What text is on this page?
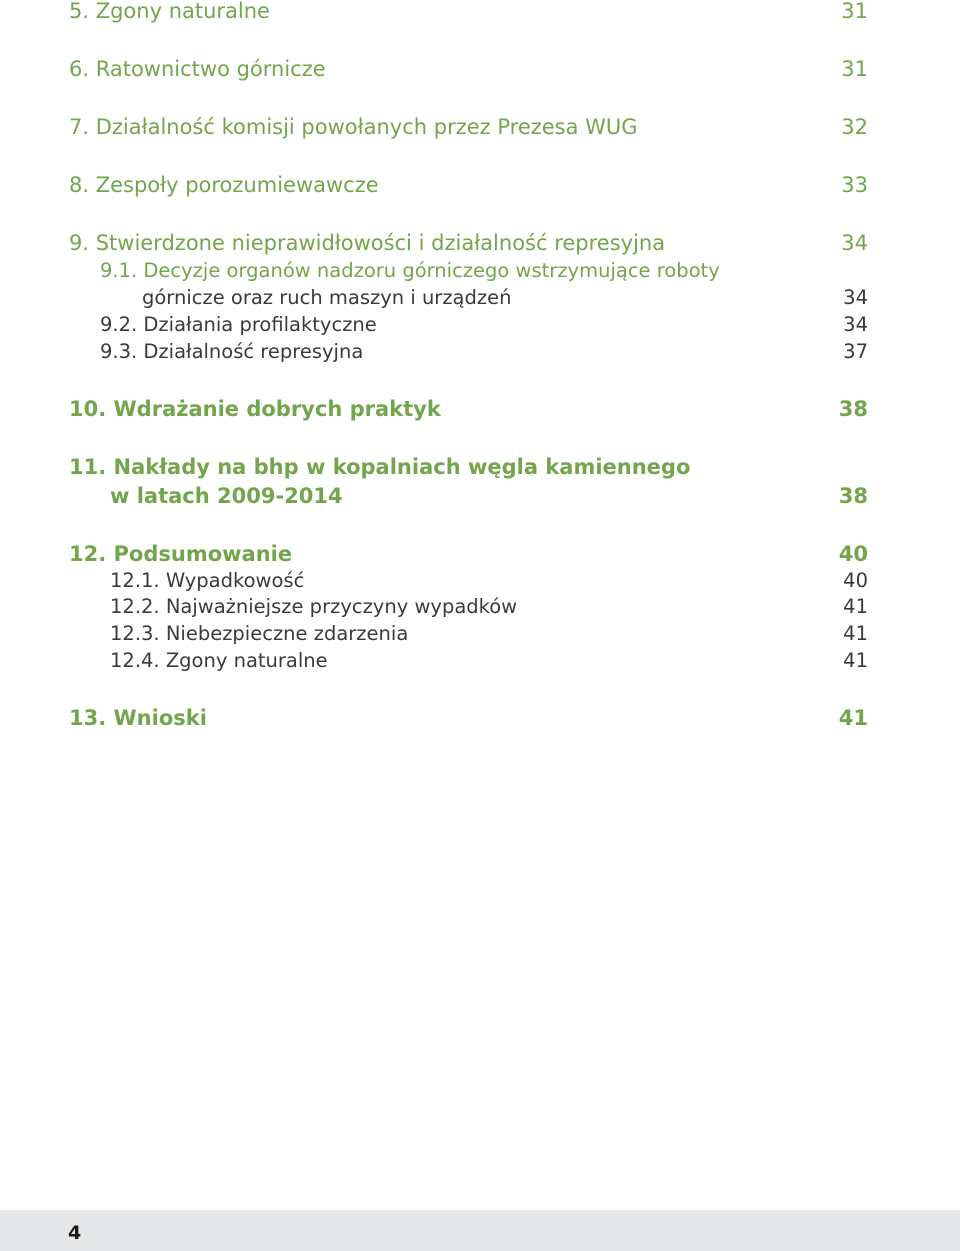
5. Zgony naturalne	31
6. Ratownictwo górnicze	31
7. Działalność komisji powołanych przez Prezesa WUG	32
8. Zespoły porozumiewawcze	33
9. Stwierdzone nieprawidłowości i działalność represyjna	34
9.1. Decyzje organów nadzoru górniczego wstrzymujące roboty
górnicze oraz ruch maszyn i urządzeń	34
9.2. Działania profilaktyczne	34
9.3. Działalność represyjna	37
10. Wdrażanie dobrych praktyk	38
11. Nakłady na bhp w kopalniach węgla kamiennego
w latach 2009-2014	38
12. Podsumowanie	40
12.1. Wypadkowość	40
12.2. Najważniejsze przyczyny wypadków	41
12.3. Niebezpieczne zdarzenia	41
12.4. Zgony naturalne	41
13. Wnioski	41
4
